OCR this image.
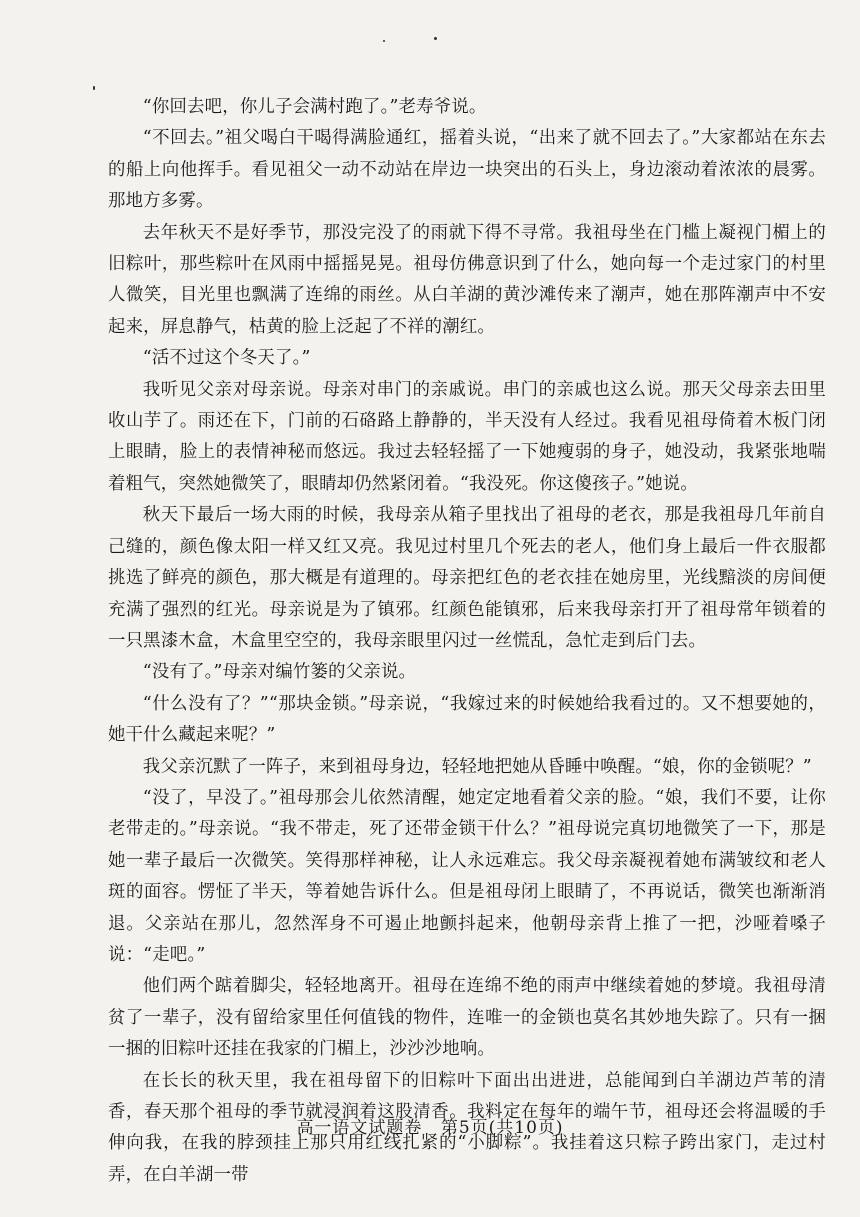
“你回去吧，你儿子会满村跑了。”老寿爷说。

“不回去。”祖父喝白干喝得满脸通红，摇着头说，“出来了就不回去了。”大家都站在东去的船上向他挥手。看见祖父一动不动站在岸边一块突出的石头上，身边滚动着浓浓的晨雾。那地方多雾。

去年秋天不是好季节，那没完没了的雨就下得不寻常。我祖母坐在门槛上凝视门楣上的旧粽叶，那些粽叶在风雨中摇摇晃晃。祖母仿佛意识到了什么，她向每一个走过家门的村里人微笑，目光里也飘满了连绵的雨丝。从白羊湖的黄沙滩传来了潮声，她在那阵潮声中不安起来，屏息静气，枯黄的脸上泛起了不祥的潮红。

“活不过这个冬天了。”

我听见父亲对母亲说。母亲对串门的亲戚说。串门的亲戚也这么说。那天父母亲去田里收山芋了。雨还在下，门前的石硌路上静静的，半天没有人经过。我看见祖母倚着木板门闭上眼睛，脸上的表情神秘而悠远。我过去轻轻摇了一下她瘦弱的身子，她没动，我紧张地喘着粗气，突然她微笑了，眼睛却仍然紧闭着。“我没死。你这傻孩子。”她说。

秋天下最后一场大雨的时候，我母亲从箱子里找出了祖母的老衣，那是我祖母几年前自己缝的，颜色像太阳一样又红又亮。我见过村里几个死去的老人，他们身上最后一件衣服都挑选了鲜亮的颜色，那大概是有道理的。母亲把红色的老衣挂在她房里，光线黯淡的房间便充满了强烈的红光。母亲说是为了镇邪。红颜色能镇邪，后来我母亲打开了祖母常年锁着的一只黑漆木盒，木盒里空空的，我母亲眼里闪过一丝慌乱，急忙走到后门去。

“没有了。”母亲对编竹篓的父亲说。

“什么没有了？”“那块金锁。”母亲说，“我嫁过来的时候她给我看过的。又不想要她的，她干什么藏起来呢？”

我父亲沉默了一阵子，来到祖母身边，轻轻地把她从昏睡中唤醒。“娘，你的金锁呢？”

“没了，早没了。”祖母那会儿依然清醒，她定定地看着父亲的脸。“娘，我们不要，让你老带走的。”母亲说。“我不带走，死了还带金锁干什么？”祖母说完真切地微笑了一下，那是她一辈子最后一次微笑。笑得那样神秘，让人永远难忘。我父母亲凝视着她布满皱纹和老人斑的面容。愣怔了半天，等着她告诉什么。但是祖母闭上眼睛了，不再说话，微笑也渐渐消退。父亲站在那儿，忽然浑身不可遏止地颤抖起来，他朝母亲背上推了一把，沙哑着嗓子说：“走吧。”

他们两个踮着脚尖，轻轻地离开。祖母在连绵不绝的雨声中继续着她的梦境。我祖母清贫了一辈子，没有留给家里任何值钱的物件，连唯一的金锁也莫名其妙地失踪了。只有一捆一捆的旧粽叶还挂在我家的门楣上，沙沙沙地响。

在长长的秋天里，我在祖母留下的旧粽叶下面出出进进，总能闻到白羊湖边芦苇的清香，春天那个祖母的季节就浸润着这股清香。我料定在每年的端午节，祖母还会将温暖的手伸向我，在我的脖颈挂上那只用红线扎紧的“小脚粽”。我挂着这只粽子跨出家门，走过村弄，在白羊湖一带

高一语文试题卷 第5页(共10页)
